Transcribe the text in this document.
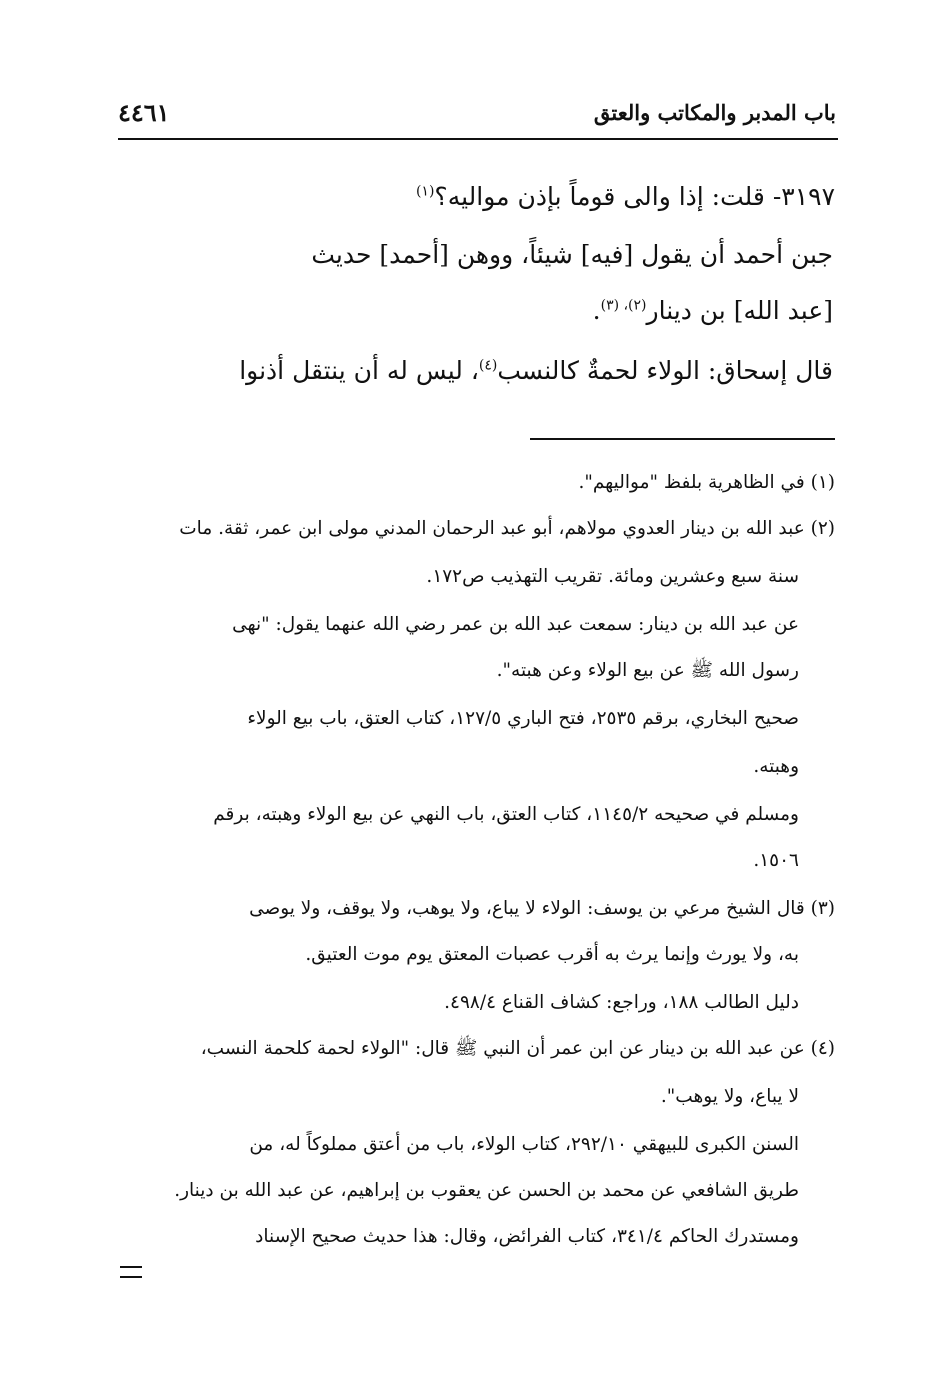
باب المدبر والمكاتب والعتق
٤٤٦١
٣١٩٧- قلت: إذا والى قوماً بإذن مواليه؟$^{(١)}$
جبن أحمد أن يقول [فيه] شيئاً، ووهن [أحمد] حديث
[عبد الله] بن دينار$^{(٢)، (٣)}$.
قال إسحاق: الولاء لحمةٌ كالنسب$^{(٤)}$، ليس له أن ينتقل أذنوا
(١) في الظاهرية بلفظ "مواليهم".
(٢) عبد الله بن دينار العدوي مولاهم، أبو عبد الرحمان المدني مولى ابن عمر، ثقة. مات
سنة سبع وعشرين ومائة. تقريب التهذيب ص١٧٢.
عن عبد الله بن دينار: سمعت عبد الله بن عمر رضي الله عنهما يقول: "نهى
رسول الله ﷺ عن بيع الولاء وعن هبته".
صحيح البخاري، برقم ٢٥٣٥، فتح الباري ١٢٧/٥، كتاب العتق، باب بيع الولاء
وهبته.
ومسلم في صحيحه ١١٤٥/٢، كتاب العتق، باب النهي عن بيع الولاء وهبته، برقم
١٥٠٦.
(٣) قال الشيخ مرعي بن يوسف: الولاء لا يباع، ولا يوهب، ولا يوقف، ولا يوصى
به، ولا يورث وإنما يرث به أقرب عصبات المعتق يوم موت العتيق.
دليل الطالب ١٨٨، وراجع: كشاف القناع ٤٩٨/٤.
(٤) عن عبد الله بن دينار عن ابن عمر أن النبي ﷺ قال: "الولاء لحمة كلحمة النسب،
لا يباع، ولا يوهب".
السنن الكبرى للبيهقي ٢٩٢/١٠، كتاب الولاء، باب من أعتق مملوكاً له، من
طريق الشافعي عن محمد بن الحسن عن يعقوب بن إبراهيم، عن عبد الله بن دينار.
ومستدرك الحاكم ٣٤١/٤، كتاب الفرائض، وقال: هذا حديث صحيح الإسناد
